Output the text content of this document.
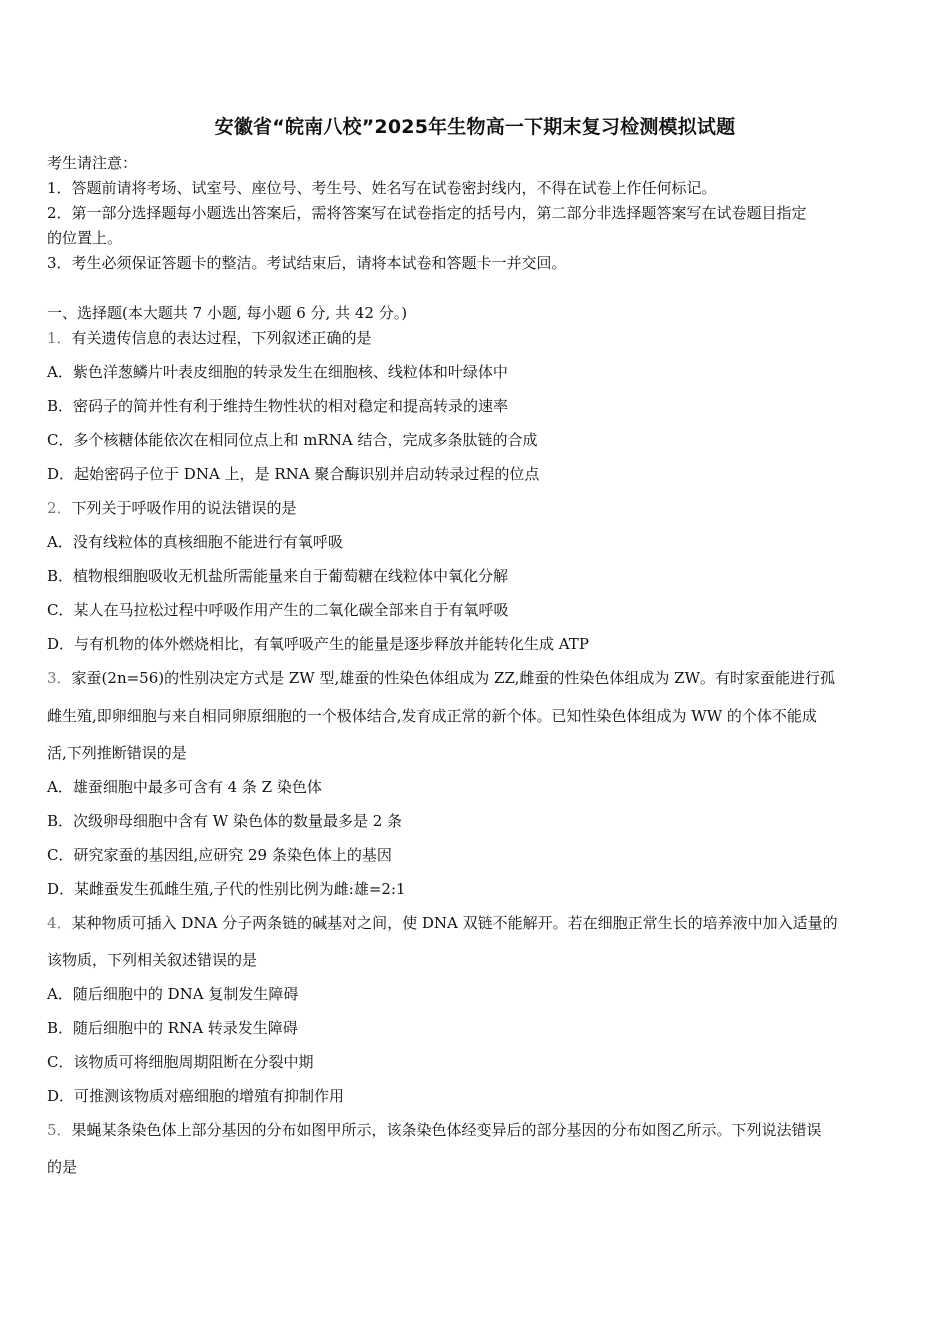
安徽省“皖南八校”2025年生物高一下期末复习检测模拟试题
考生请注意：
1．答题前请将考场、试室号、座位号、考生号、姓名写在试卷密封线内，不得在试卷上作任何标记。
2．第一部分选择题每小题选出答案后，需将答案写在试卷指定的括号内，第二部分非选择题答案写在试卷题目指定
的位置上。
3．考生必须保证答题卡的整洁。考试结束后，请将本试卷和答题卡一并交回。
一、选择题(本大题共 7 小题, 每小题 6 分, 共 42 分。)
1．有关遗传信息的表达过程，下列叙述正确的是
A．紫色洋葱鳞片叶表皮细胞的转录发生在细胞核、线粒体和叶绿体中
B．密码子的简并性有利于维持生物性状的相对稳定和提高转录的速率
C．多个核糖体能依次在相同位点上和 mRNA 结合，完成多条肽链的合成
D．起始密码子位于 DNA 上，是 RNA 聚合酶识别并启动转录过程的位点
2．下列关于呼吸作用的说法错误的是
A．没有线粒体的真核细胞不能进行有氧呼吸
B．植物根细胞吸收无机盐所需能量来自于葡萄糖在线粒体中氧化分解
C．某人在马拉松过程中呼吸作用产生的二氧化碳全部来自于有氧呼吸
D．与有机物的体外燃烧相比，有氧呼吸产生的能量是逐步释放并能转化生成 ATP
3．家蚕(2n=56)的性别决定方式是 ZW 型,雄蚕的性染色体组成为 ZZ,雌蚕的性染色体组成为 ZW。有时家蚕能进行孤
雌生殖,即卵细胞与来自相同卵原细胞的一个极体结合,发育成正常的新个体。已知性染色体组成为 WW 的个体不能成
活,下列推断错误的是
A．雄蚕细胞中最多可含有 4 条 Z 染色体
B．次级卵母细胞中含有 W 染色体的数量最多是 2 条
C．研究家蚕的基因组,应研究 29 条染色体上的基因
D．某雌蚕发生孤雌生殖,子代的性别比例为雌:雄=2:1
4．某种物质可插入 DNA 分子两条链的碱基对之间，使 DNA 双链不能解开。若在细胞正常生长的培养液中加入适量的
该物质，下列相关叙述错误的是
A．随后细胞中的 DNA 复制发生障碍
B．随后细胞中的 RNA 转录发生障碍
C．该物质可将细胞周期阻断在分裂中期
D．可推测该物质对癌细胞的增殖有抑制作用
5．果蝇某条染色体上部分基因的分布如图甲所示，该条染色体经变异后的部分基因的分布如图乙所示。下列说法错误
的是
